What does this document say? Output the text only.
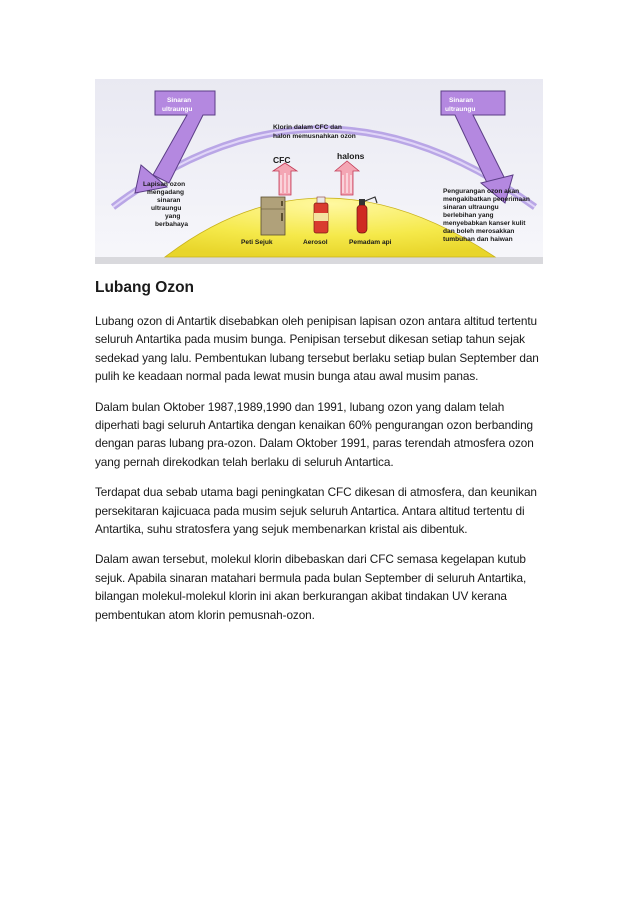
Sinaran
ultraungu
Sinaran
ultraungu
Klorin dalam CFC dan
halon memusnahkan ozon
CFC	halons
Peti Sejuk	Aerosol	Pemadam api
Lapisan ozon
mengadang
sinaran
ultraungu
yang
berbahaya
Pengurangan ozon akan
mengakibatkan penerimaan
sinaran ultraungu
berlebihan yang
menyebabkan kanser kulit
dan boleh merosakkan
tumbuhan dan haiwan
Lubang Ozon

Lubang ozon di Antartik disebabkan oleh penipisan lapisan ozon antara altitud tertentu seluruh Antartika pada musim bunga. Penipisan tersebut dikesan setiap tahun sejak sedekad yang lalu. Pembentukan lubang tersebut berlaku setiap bulan September dan pulih ke keadaan normal pada lewat musin bunga atau awal musim panas.

Dalam bulan Oktober 1987,1989,1990 dan 1991, lubang ozon yang dalam telah diperhati bagi seluruh Antartika dengan kenaikan 60% pengurangan ozon berbanding dengan paras lubang pra-ozon. Dalam Oktober 1991, paras terendah atmosfera ozon yang pernah direkodkan telah berlaku di seluruh Antartica.

Terdapat dua sebab utama bagi peningkatan CFC dikesan di atmosfera, dan keunikan persekitaran kajicuaca pada musim sejuk seluruh Antartica. Antara altitud tertentu di Antartika, suhu stratosfera yang sejuk membenarkan kristal ais dibentuk.

Dalam awan tersebut, molekul klorin dibebaskan dari CFC semasa kegelapan kutub sejuk. Apabila sinaran matahari bermula pada bulan September di seluruh Antartika, bilangan molekul-molekul klorin ini akan berkurangan akibat tindakan UV kerana pembentukan atom klorin pemusnah-ozon.
